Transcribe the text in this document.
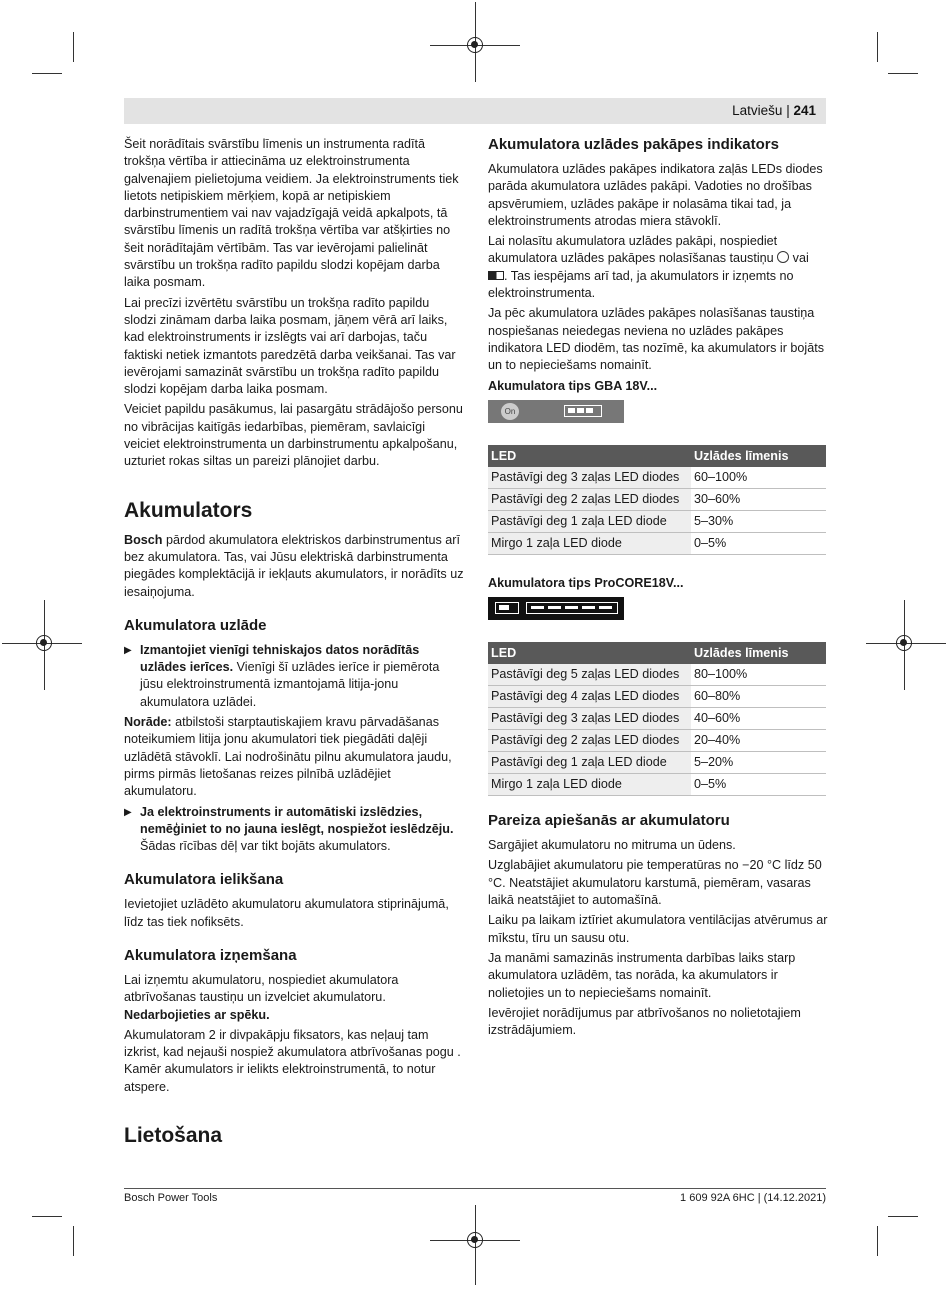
Latviešu | 241

Šeit norādītais svārstību līmenis un instrumenta radītā trokšņa vērtība ir attiecināma uz elektroinstrumenta galvenajiem pielietojuma veidiem. Ja elektroinstruments tiek lietots netipiskiem mērķiem, kopā ar netipiskiem darbinstrumentiem vai nav vajadzīgajā veidā apkalpots, tā svārstību līmenis un radītā trokšņa vērtība var atšķirties no šeit norādītajām vērtībām. Tas var ievērojami palielināt svārstību un trokšņa radīto papildu slodzi kopējam darba laika posmam.

Lai precīzi izvērtētu svārstību un trokšņa radīto papildu slodzi zināmam darba laika posmam, jāņem vērā arī laiks, kad elektroinstruments ir izslēgts vai arī darbojas, taču faktiski netiek izmantots paredzētā darba veikšanai. Tas var ievērojami samazināt svārstību un trokšņa radīto papildu slodzi kopējam darba laika posmam.

Veiciet papildu pasākumus, lai pasargātu strādājošo personu no vibrācijas kaitīgās iedarbības, piemēram, savlaicīgi veiciet elektroinstrumenta un darbinstrumentu apkalpošanu, uzturiet rokas siltas un pareizi plānojiet darbu.

Akumulators

Bosch pārdod akumulatora elektriskos darbinstrumentus arī bez akumulatora. Tas, vai Jūsu elektriskā darbinstrumenta piegādes komplektācijā ir iekļauts akumulators, ir norādīts uz iesaiņojuma.

Akumulatora uzlāde
▶ Izmantojiet vienīgi tehniskajos datos norādītās uzlādes ierīces. Vienīgi šī uzlādes ierīce ir piemērota jūsu elektroinstrumentā izmantojamā litija-jonu akumulatora uzlādei.

Norāde: atbilstoši starptautiskajiem kravu pārvadāšanas noteikumiem litija jonu akumulatori tiek piegādāti daļēji uzlādētā stāvoklī. Lai nodrošinātu pilnu akumulatora jaudu, pirms pirmās lietošanas reizes pilnībā uzlādējiet akumulatoru.

▶ Ja elektroinstruments ir automātiski izslēdzies, nemēģiniet to no jauna ieslēgt, nospiežot ieslēdzēju. Šādas rīcības dēļ var tikt bojāts akumulators.
Akumulatora ielikšana

Ievietojiet uzlādēto akumulatoru akumulatora stiprinājumā, līdz tas tiek nofiksēts.

Akumulatora izņemšana

Lai izņemtu akumulatoru, nospiediet akumulatora atbrīvošanas taustiņu un izvelciet akumulatoru.

Nedarbojieties ar spēku.

Akumulatoram 2 ir divpakāpju fiksators, kas neļauj tam izkrist, kad nejauši nospiež akumulatora atbrīvošanas pogu . Kamēr akumulators ir ielikts elektroinstrumentā, to notur atspere.

Lietošana
Akumulatora uzlādes pakāpes indikators

Akumulatora uzlādes pakāpes indikatora zaļās LEDs diodes parāda akumulatora uzlādes pakāpi. Vadoties no drošības apsvērumiem, uzlādes pakāpe ir nolasāma tikai tad, ja elektroinstruments atrodas miera stāvoklī.

Lai nolasītu akumulatora uzlādes pakāpi, nospiediet akumulatora uzlādes pakāpes nolasīšanas taustiņu vai . Tas iespējams arī tad, ja akumulators ir izņemts no elektroinstrumenta.

Ja pēc akumulatora uzlādes pakāpes nolasīšanas taustiņa nospiešanas neiedegas neviena no uzlādes pakāpes indikatora LED diodēm, tas nozīmē, ka akumulators ir bojāts un to nepieciešams nomainīt.

Akumulatora tips GBA 18V...
On
LED	Uzlādes līmenis
Pastāvīgi deg 3 zaļas LED diodes	60–100%
Pastāvīgi deg 2 zaļas LED diodes	30–60%
Pastāvīgi deg 1 zaļa LED diode	5–30%
Mirgo 1 zaļa LED diode	0–5%
Akumulatora tips ProCORE18V...
LED	Uzlādes līmenis
Pastāvīgi deg 5 zaļas LED diodes	80–100%
Pastāvīgi deg 4 zaļas LED diodes	60–80%
Pastāvīgi deg 3 zaļas LED diodes	40–60%
Pastāvīgi deg 2 zaļas LED diodes	20–40%
Pastāvīgi deg 1 zaļa LED diode	5–20%
Mirgo 1 zaļa LED diode	0–5%
Pareiza apiešanās ar akumulatoru

Sargājiet akumulatoru no mitruma un ūdens.

Uzglabājiet akumulatoru pie temperatūras no −20 °C līdz 50 °C. Neatstājiet akumulatoru karstumā, piemēram, vasaras laikā neatstājiet to automašīnā.

Laiku pa laikam iztīriet akumulatora ventilācijas atvērumus ar mīkstu, tīru un sausu otu.

Ja manāmi samazinās instrumenta darbības laiks starp akumulatora uzlādēm, tas norāda, ka akumulators ir nolietojies un to nepieciešams nomainīt.

Ievērojiet norādījumus par atbrīvošanos no nolietotajiem izstrādājumiem.

Bosch Power Tools	1 609 92A 6HC | (14.12.2021)
